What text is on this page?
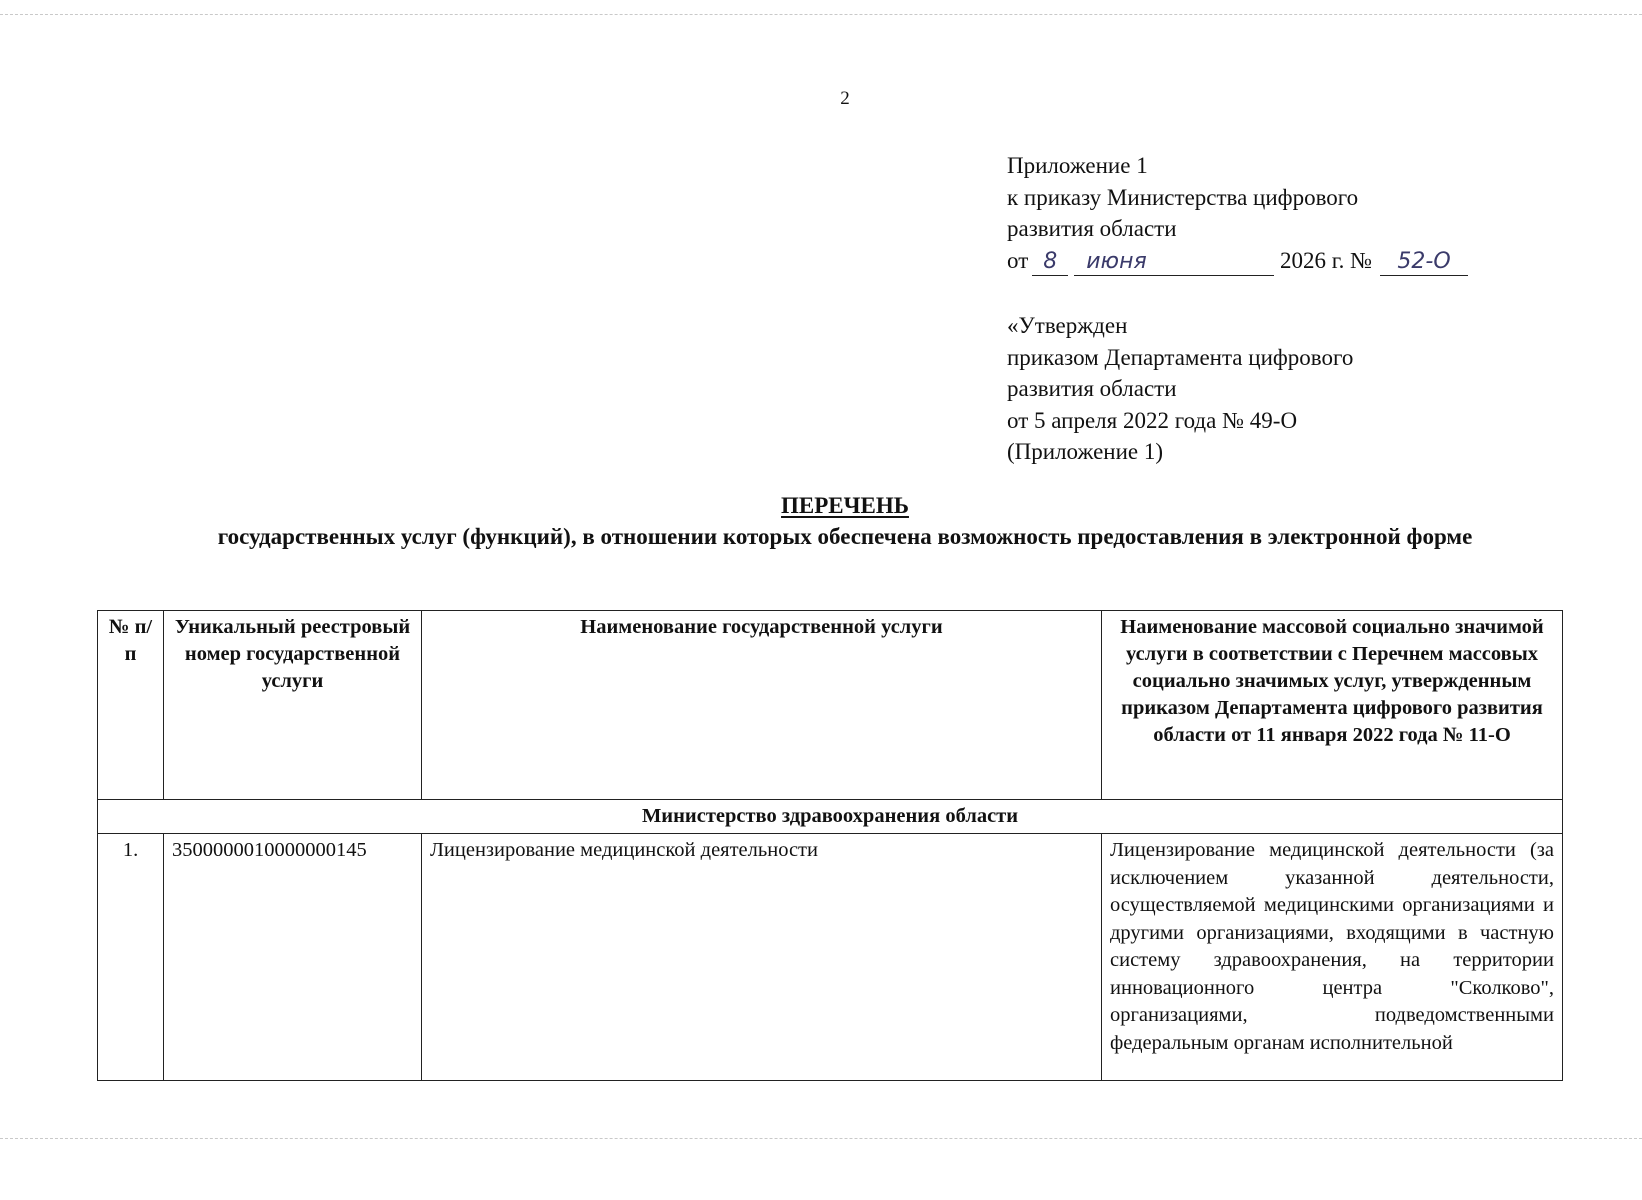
2
Приложение 1
к приказу Министерства цифрового
развития области
от 8 июня	2026 г. № 52-О
«Утвержден
приказом Департамента цифрового
развития области
от 5 апреля 2022 года № 49-О
(Приложение 1)
ПЕРЕЧЕНЬ
государственных услуг (функций), в отношении которых обеспечена возможность предоставления в электронной форме
№ п/п	Уникальный реестровый номер государственной услуги	Наименование государственной услуги	Наименование массовой социально значимой услуги в соответствии с Перечнем массовых социально значимых услуг, утвержденным приказом Департамента цифрового развития области от 11 января 2022 года № 11-О
Министерство здравоохранения области			
1.	3500000010000000145	Лицензирование медицинской деятельности	Лицензирование медицинской деятельности (за исключением указанной деятельности, осуществляемой медицинскими организациями и другими организациями, входящими в частную систему здравоохранения, на территории инновационного центра "Сколково", организациями, подведомственными федеральным органам исполнительной
